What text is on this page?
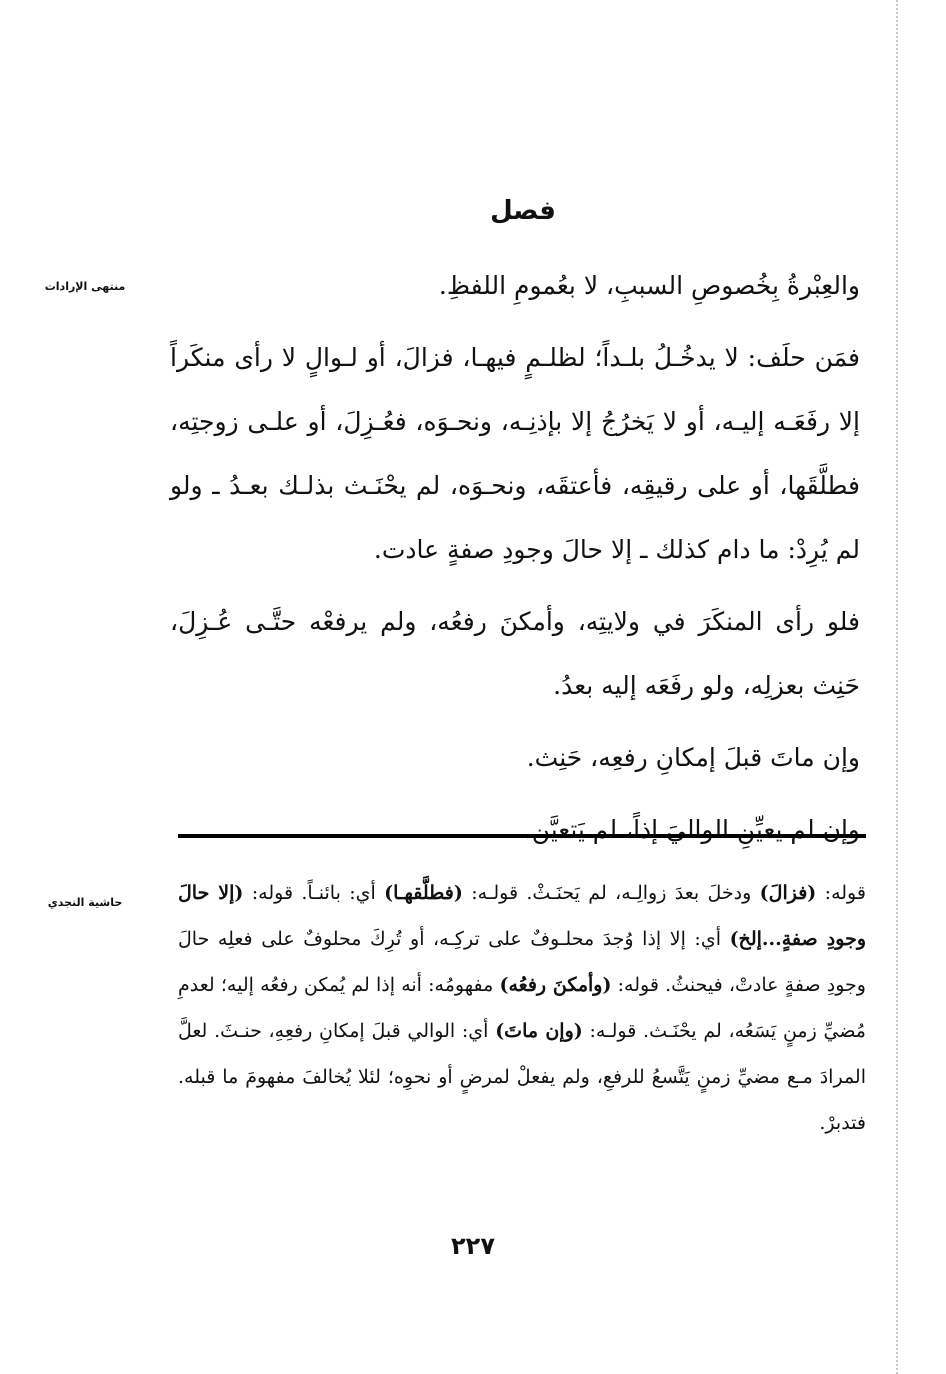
فصل
منتهى الإرادات	والعِبْرةُ بِخُصوصِ السببِ، لا بعُمومِ اللفظِ.

فمَن حلَف: لا يدخُـلُ بلـداً؛ لظلـمٍ فيهـا، فزالَ، أو لـوالٍ لا رأى منكَراً إلا رفَعَـه إليـه، أو لا يَخرُجُ إلا بإذنِـه، ونحـوَه، فعُـزِلَ، أو علـى زوجتِه، فطلَّقَها، أو على رقيقِه، فأعتقَه، ونحـوَه، لم يحْنَـث بذلـك بعـدُ ـ ولو لم يُرِدْ: ما دام كذلك ـ إلا حالَ وجودِ صفةٍ عادت.

فلو رأى المنكَرَ في ولايتِه، وأمكنَ رفعُه، ولم يرفعْه حتَّـى عُـزِلَ، حَنِث بعزلِه، ولو رفَعَه إليه بعدُ.

وإن ماتَ قبلَ إمكانِ رفعِه، حَنِث.

وإن لم يعيِّنِ الواليَ إذاً، لم يَتعيَّن.

حاشية النجدي	قوله: (فزالَ) ودخلَ بعدَ زوالِـه، لم يَحنَـثْ. قولـه: (فطلَّقهـا) أي: بائنـاً. قوله: (إلا حالَ وجودِ صفةٍ...إلخ) أي: إلا إذا وُجدَ محلـوفٌ على تركِـه، أو تُرِكَ محلوفٌ على فعلِه حالَ وجودِ صفةٍ عادتْ، فيحنثُ. قوله: (وأمكنَ رفعُه) مفهومُه: أنه إذا لم يُمكن رفعُه إليه؛ لعدمِ مُضيِّ زمنٍ يَسَعُه، لم يحْنَـث. قولـه: (وإن ماتَ) أي: الوالي قبلَ إمكانِ رفعِهِ، حنـثَ. لعلَّ المرادَ مـع مضيِّ زمنٍ يَتَّسعُ للرفعِ، ولم يفعلْ لمرضٍ أو نحوِه؛ لئلا يُخالفَ مفهومَ ما قبله. فتدبرْ.
٢٢٧
